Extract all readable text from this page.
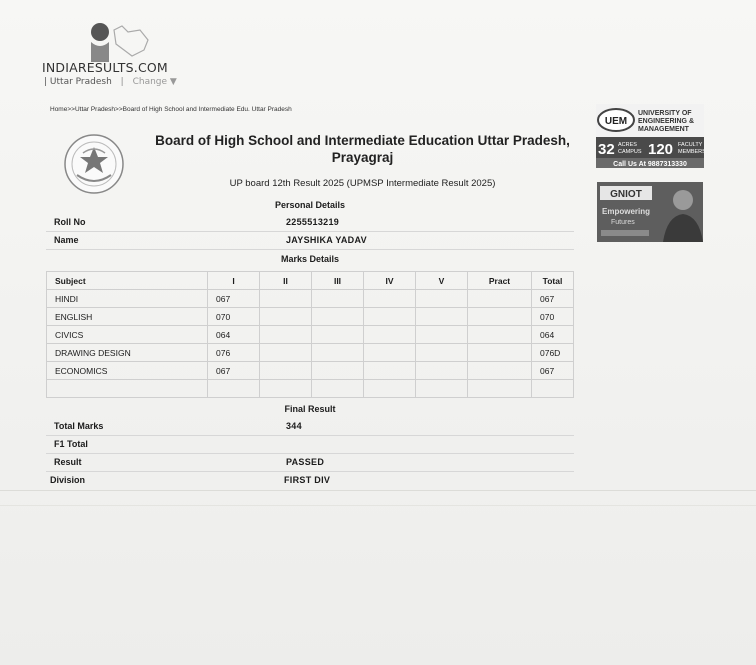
INDIARESULTS.COM
| Uttar Pradesh | Change ▼
Home>>Uttar Pradesh>>Board of High School and Intermediate Edu. Uttar Pradesh
Board of High School and Intermediate Education Uttar Pradesh,
Prayagraj
UP board 12th Result 2025 (UPMSP Intermediate Result 2025)
Personal Details
Roll No	2255513219
Name	JAYSHIKA YADAV
Marks Details
Subject	I	II	III	IV	V	Pract	Total
HINDI	067						067
ENGLISH	070						070
CIVICS	064						064
DRAWING DESIGN	076						076D
ECONOMICS	067						067

Final Result
Total Marks	344
F1 Total
Result	PASSED
Division	FIRST DIV
UEM
UNIVERSITY OF
ENGINEERING &
MANAGEMENT
32 ACRES
CAMPUS 120 FACULTY
MEMBERS
Call Us At 9887313330
GNIOT
Empowering
Futures
